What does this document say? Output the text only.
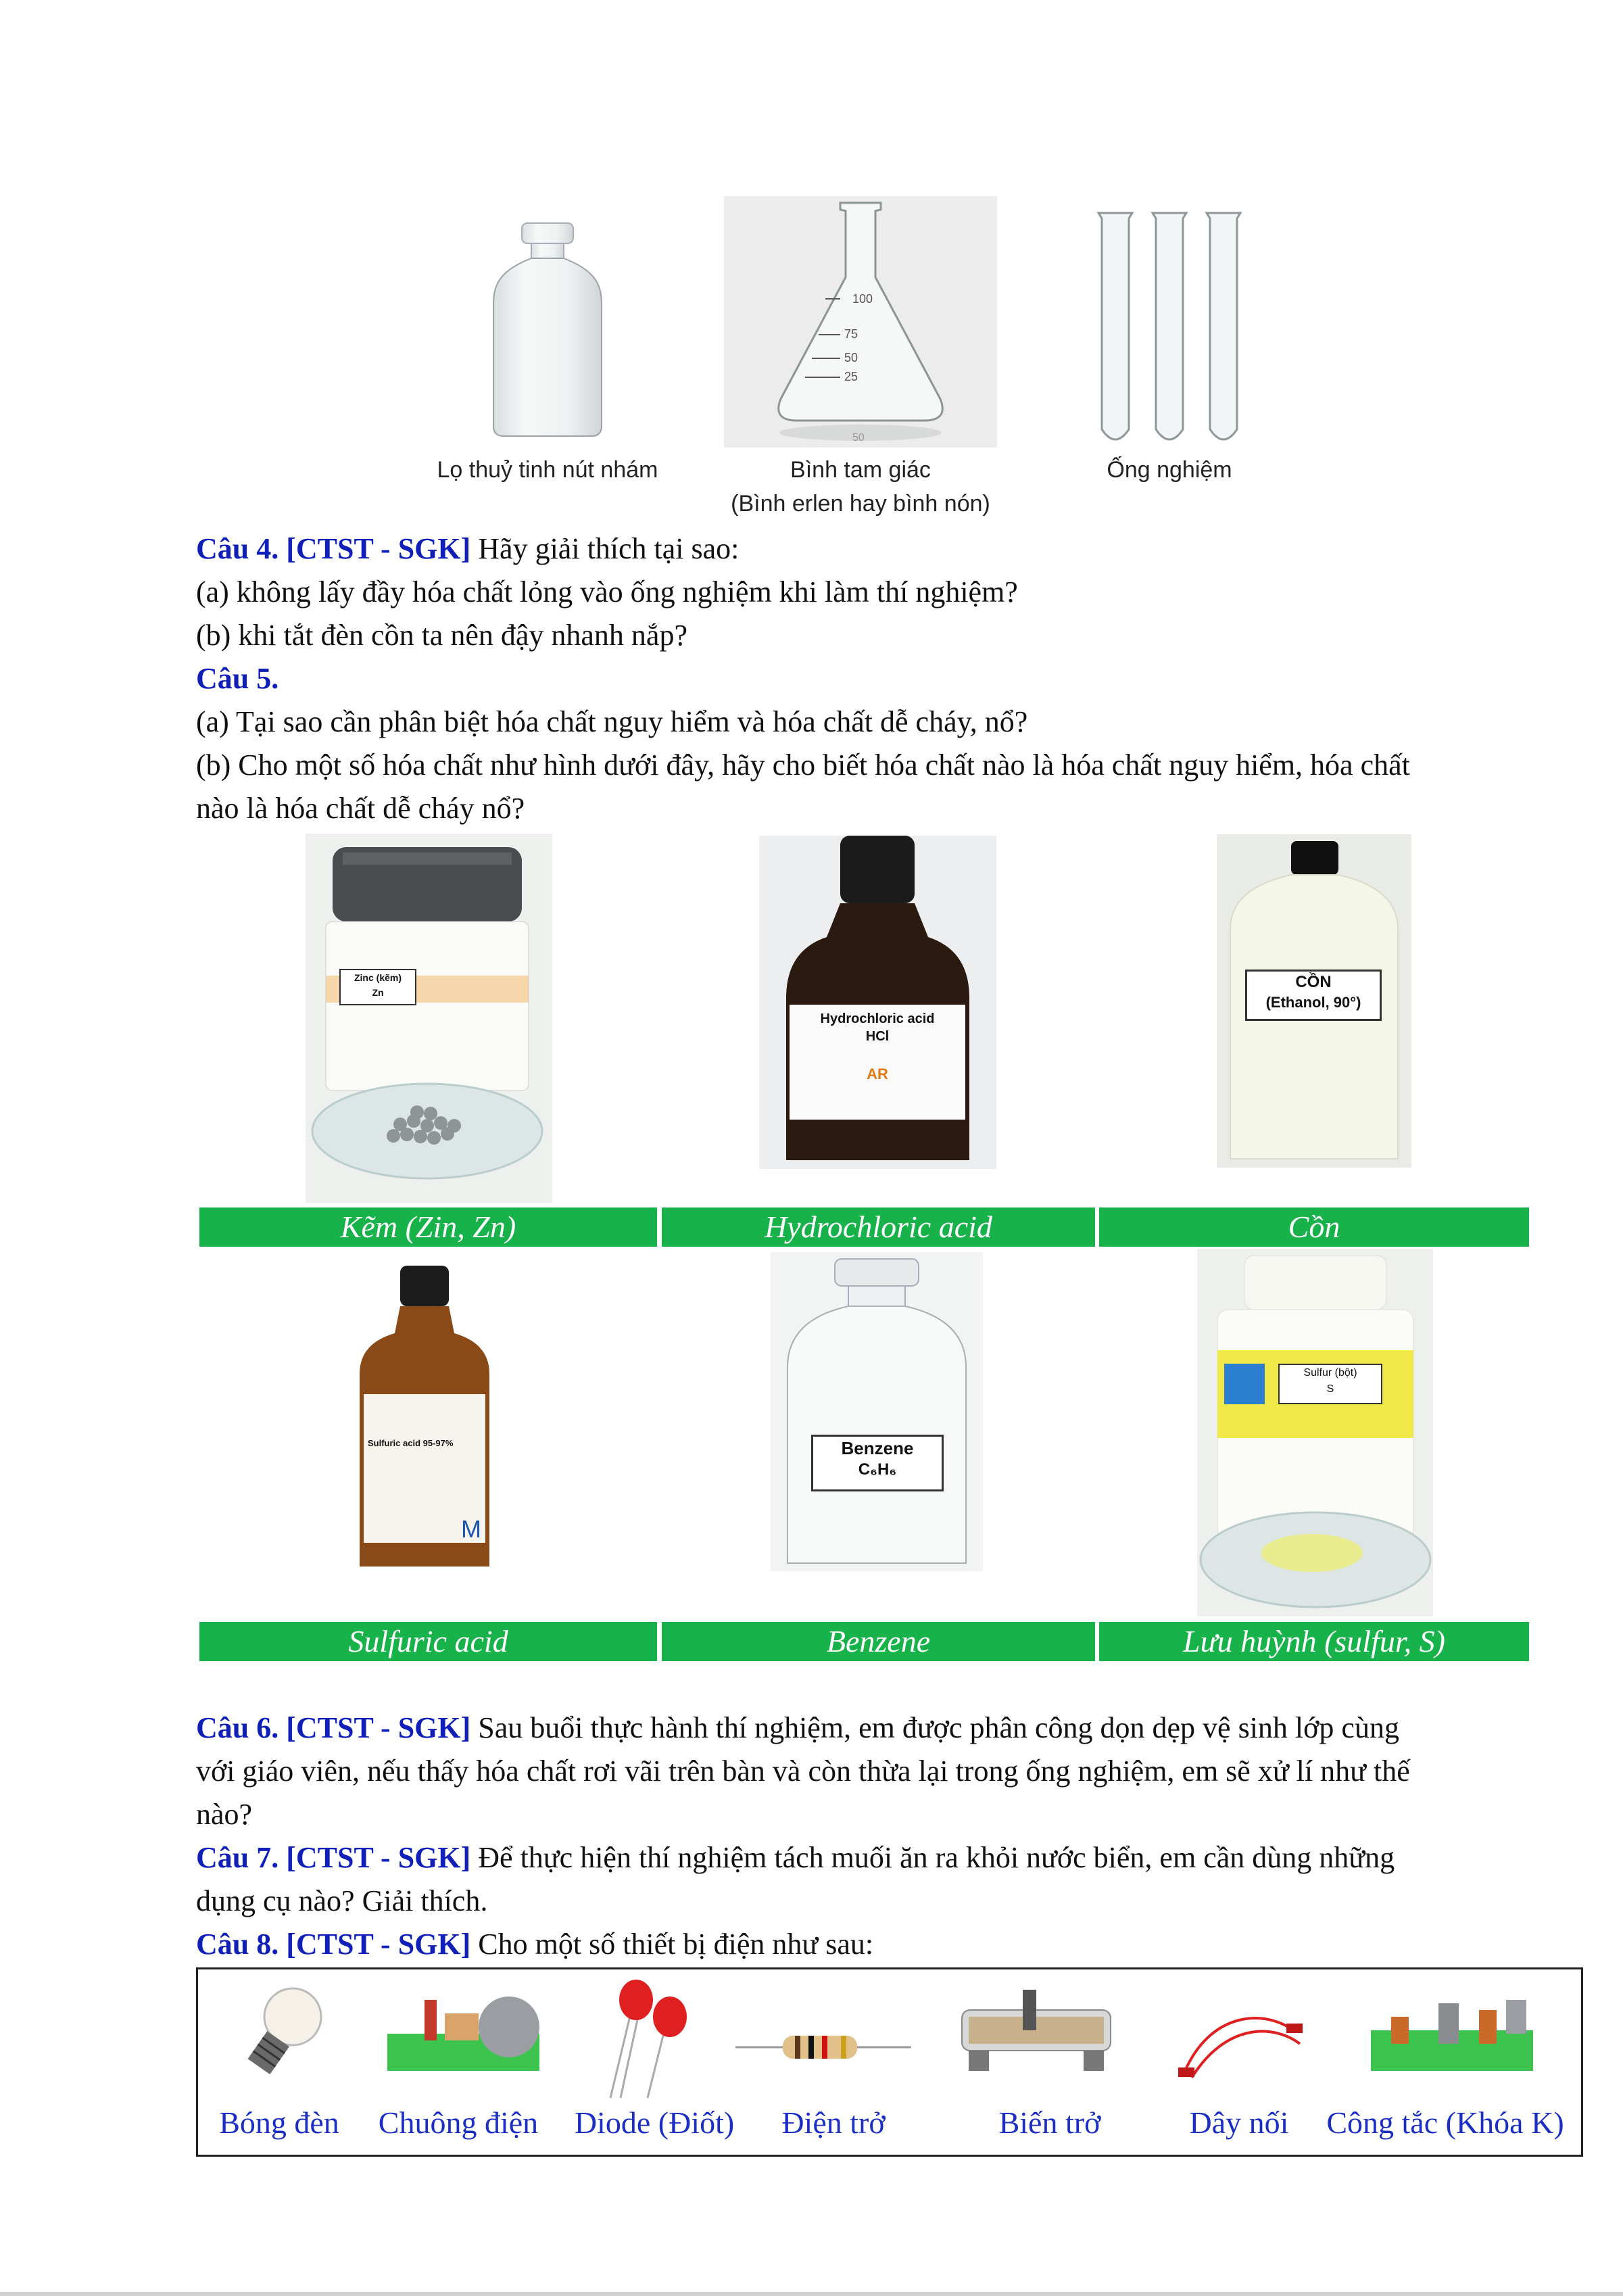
100
75
50
25
50
Lọ thuỷ tinh nút nhám	Bình tam giác
(Bình erlen hay bình nón)
Ống nghiệm
Câu 4. [CTST - SGK] Hãy giải thích tại sao:
(a) không lấy đầy hóa chất lỏng vào ống nghiệm khi làm thí nghiệm?
(b) khi tắt đèn cồn ta nên đậy nhanh nắp?
Câu 5.
(a) Tại sao cần phân biệt hóa chất nguy hiểm và hóa chất dễ cháy, nổ?
(b) Cho một số hóa chất như hình dưới đây, hãy cho biết hóa chất nào là hóa chất nguy hiểm, hóa chất
nào là hóa chất dễ cháy nổ?
Zinc (kẽm)
Zn
Hydrochloric acid
HCl
AR
CỒN
(Ethanol, 90°)
Kẽm (Zin, Zn)	Hydrochloric acid	Cồn
M
Sulfuric acid 95-97%	Benzene
C₆H₆
Sulfur (bột)
S
Sulfuric acid	Benzene	Lưu huỳnh (sulfur, S)
Câu 6. [CTST - SGK] Sau buổi thực hành thí nghiệm, em được phân công dọn dẹp vệ sinh lớp cùng
với giáo viên, nếu thấy hóa chất rơi vãi trên bàn và còn thừa lại trong ống nghiệm, em sẽ xử lí như thế
nào?
Câu 7. [CTST - SGK] Để thực hiện thí nghiệm tách muối ăn ra khỏi nước biển, em cần dùng những
dụng cụ nào? Giải thích.
Câu 8. [CTST - SGK] Cho một số thiết bị điện như sau:
Bóng đèn	Chuông điện	Diode (Điốt)	Điện trở	Biến trở	Dây nối	Công tắc (Khóa K)
